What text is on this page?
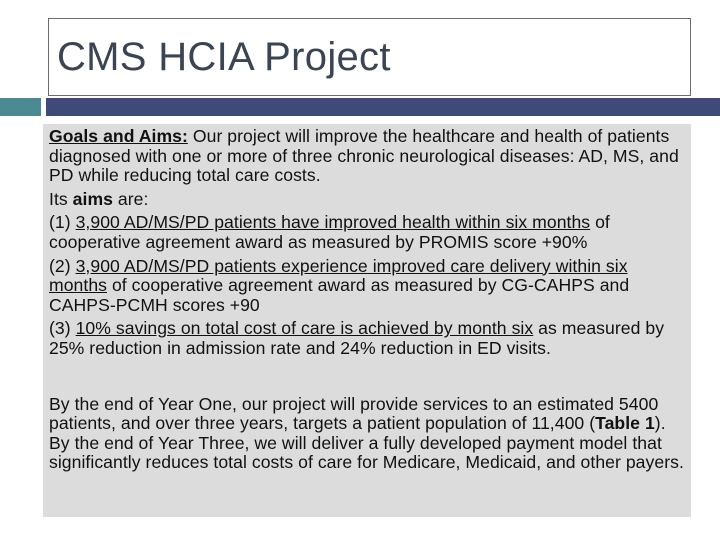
CMS HCIA Project

Goals and Aims: Our project will improve the healthcare and health of patients diagnosed with one or more of three chronic neurological diseases: AD, MS, and PD while reducing total care costs.

Its aims are:

(1) 3,900 AD/MS/PD patients have improved health within six months of cooperative agreement award as measured by PROMIS score +90%

(2) 3,900 AD/MS/PD patients experience improved care delivery within six months of cooperative agreement award as measured by CG-CAHPS and CAHPS-PCMH scores +90

(3) 10% savings on total cost of care is achieved by month six as measured by 25% reduction in admission rate and 24% reduction in ED visits.

By the end of Year One, our project will provide services to an estimated 5400 patients, and over three years, targets a patient population of 11,400 (Table 1). By the end of Year Three, we will deliver a fully developed payment model that significantly reduces total costs of care for Medicare, Medicaid, and other payers.
